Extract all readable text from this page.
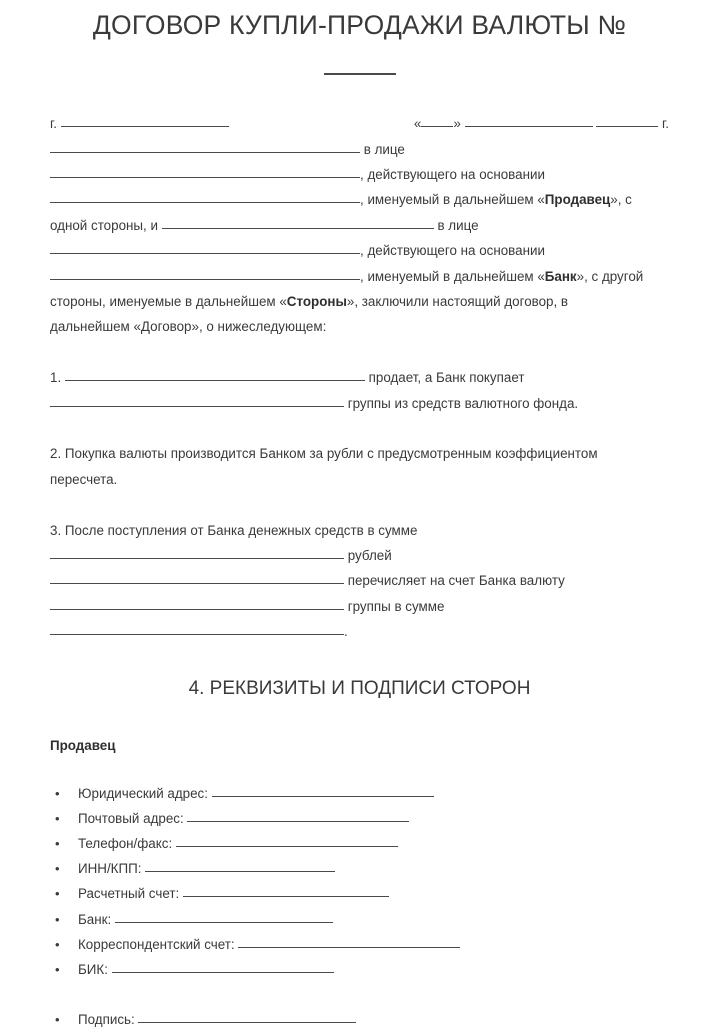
ДОГОВОР КУПЛИ-ПРОДАЖИ ВАЛЮТЫ №
« »	г.
г.
в лице
, действующего на основании
, именуемый в дальнейшем «Продавец», с
одной стороны, и	в лице
, действующего на основании
, именуемый в дальнейшем «Банк», с другой
стороны, именуемые в дальнейшем «Стороны», заключили настоящий договор, в
дальнейшем «Договор», о нижеследующем:
1.	продает, а Банк покупает
группы из средств валютного фонда.
2. Покупка валюты производится Банком за рубли с предусмотренным коэффициентом
пересчета.
3. После поступления от Банка денежных средств в сумме
рублей
перечисляет на счет Банка валюту
группы в сумме
.
4. РЕКВИЗИТЫ И ПОДПИСИ СТОРОН
Продавец
• Юридический адрес:
• Почтовый адрес:
• Телефон/факс:
• ИНН/КПП:
• Расчетный счет:
• Банк:
• Корреспондентский счет:
• БИК:
• Подпись:
